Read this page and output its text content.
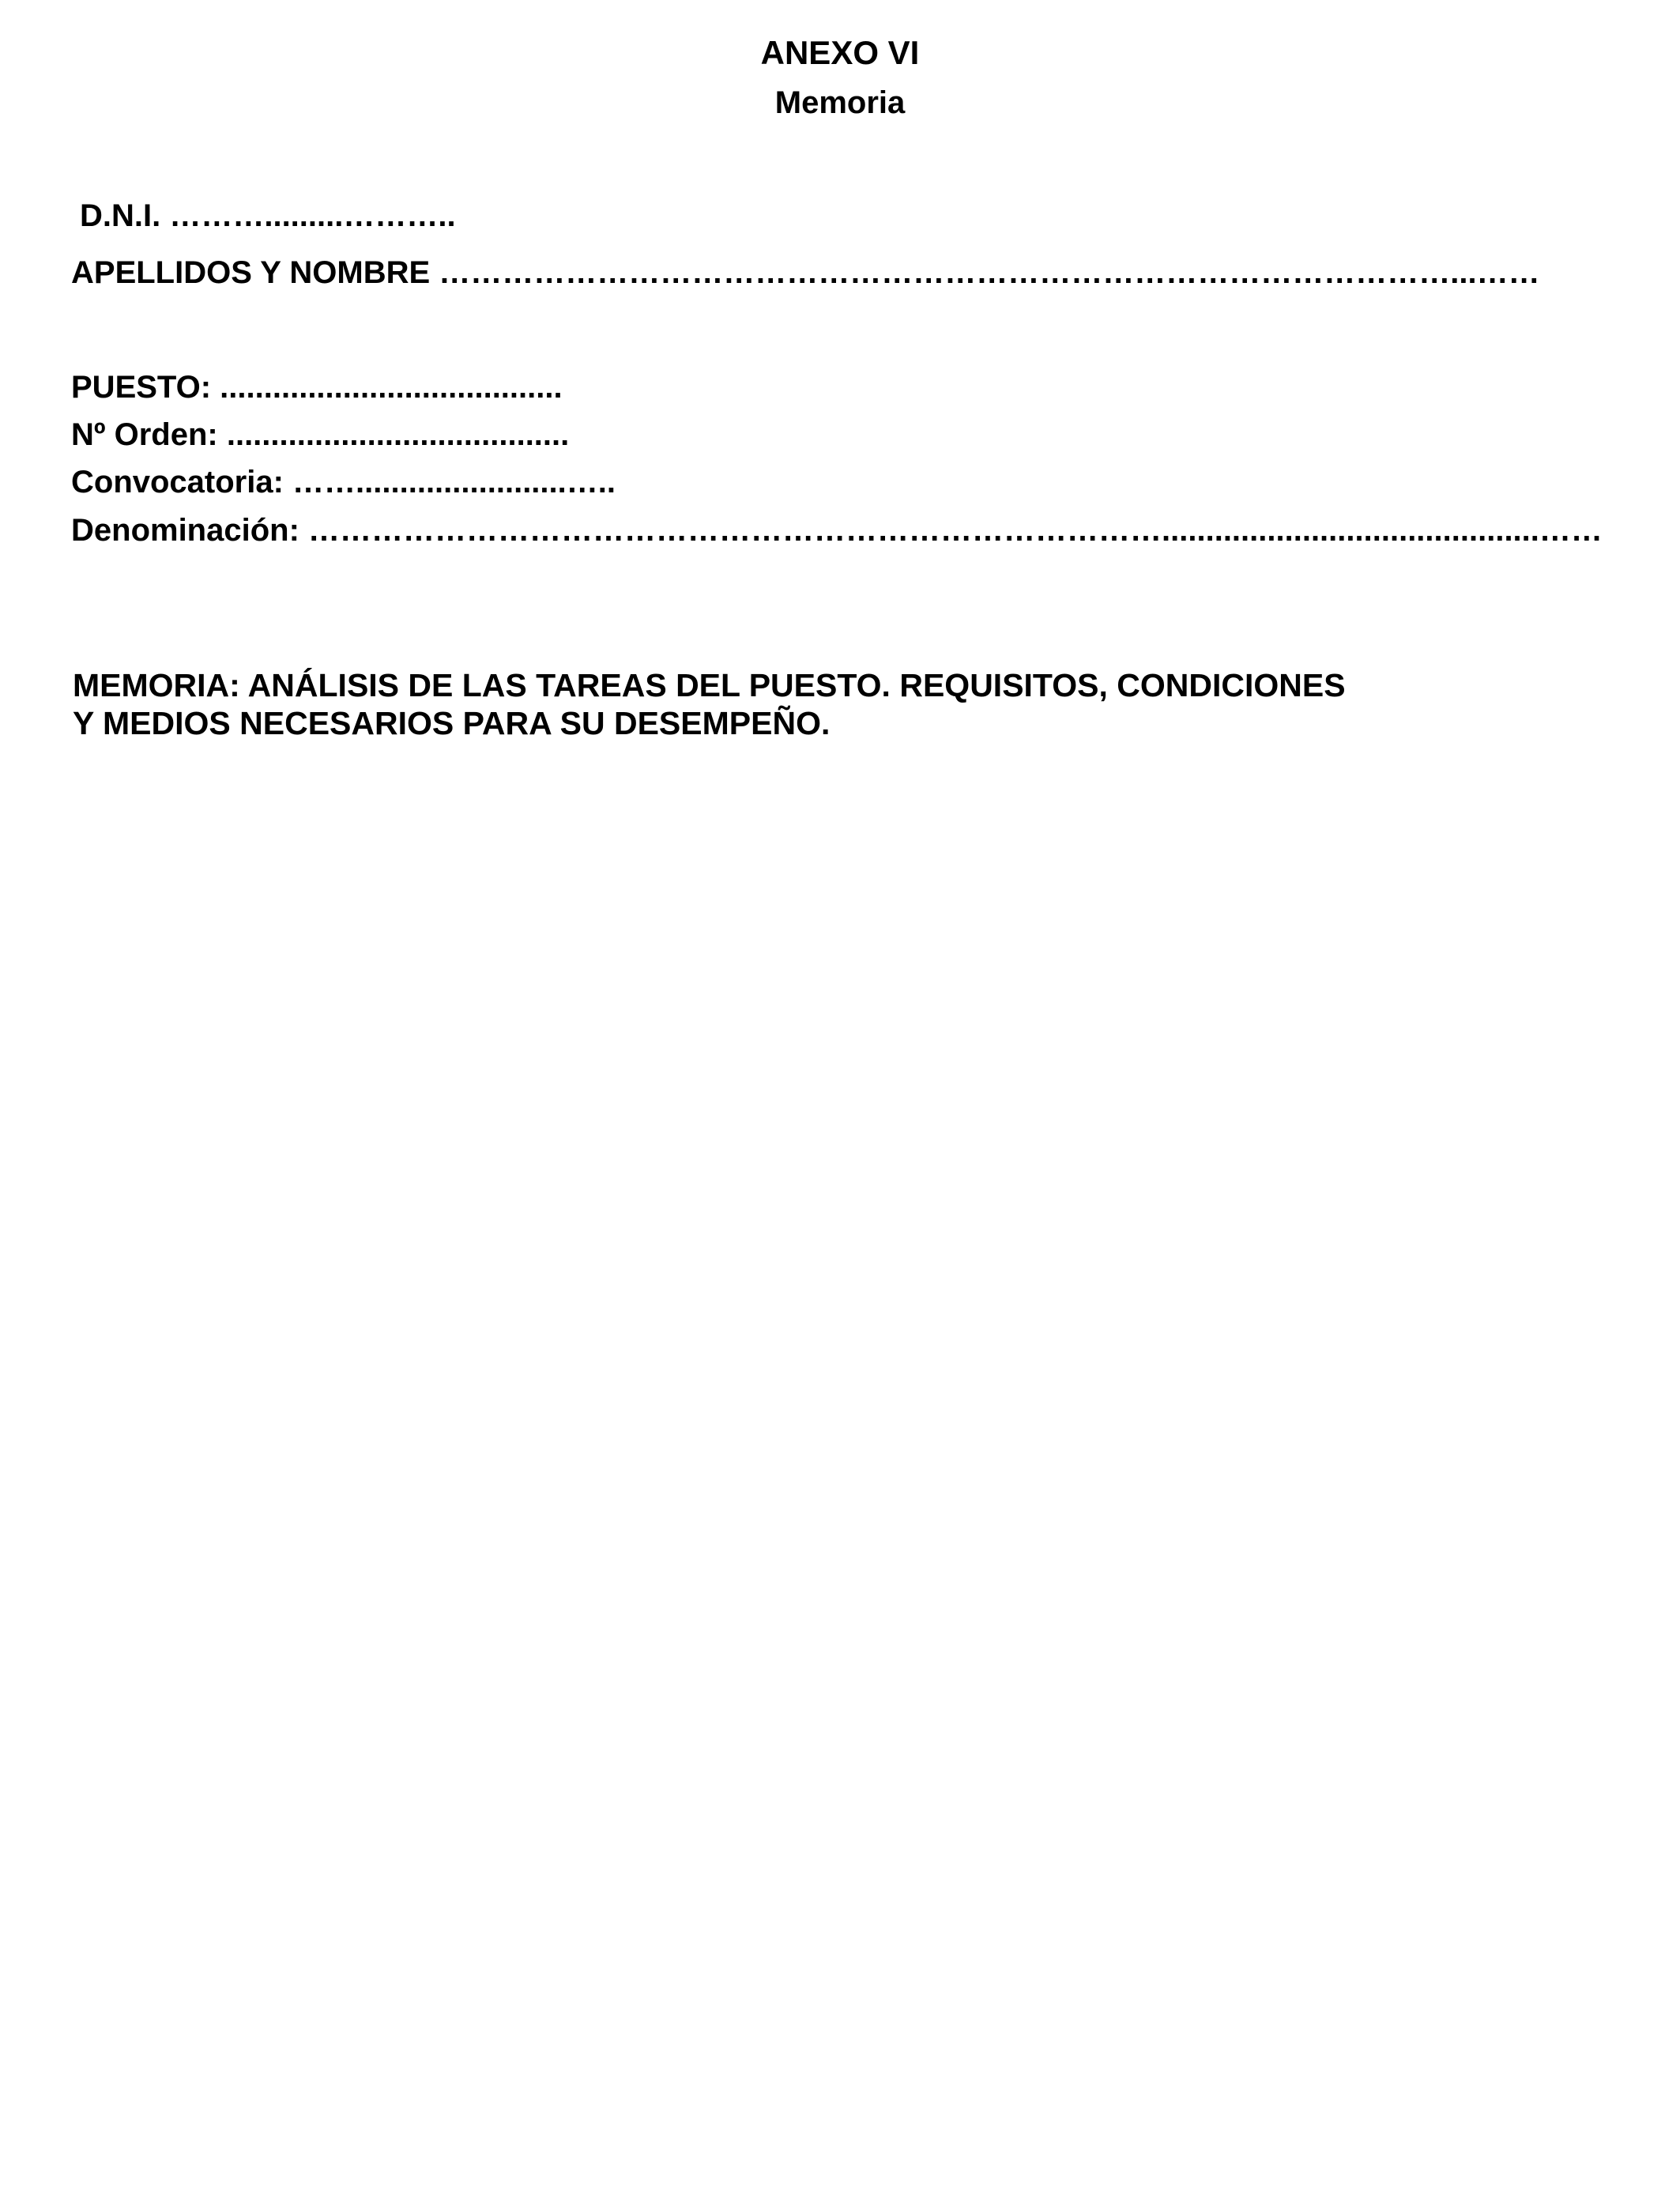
ANEXO VI
Memoria

D.N.I. ……….........………..

APELLIDOS Y NOMBRE ……………………………………………………………………………………...……

PUESTO: .......................................

Nº Orden: .......................................

Convocatoria: ……........................…..

Denominación: ………………………………………………………………………...........................................……

MEMORIA: ANÁLISIS DE LAS TAREAS DEL PUESTO. REQUISITOS, CONDICIONES
Y MEDIOS NECESARIOS PARA SU DESEMPEÑO.
